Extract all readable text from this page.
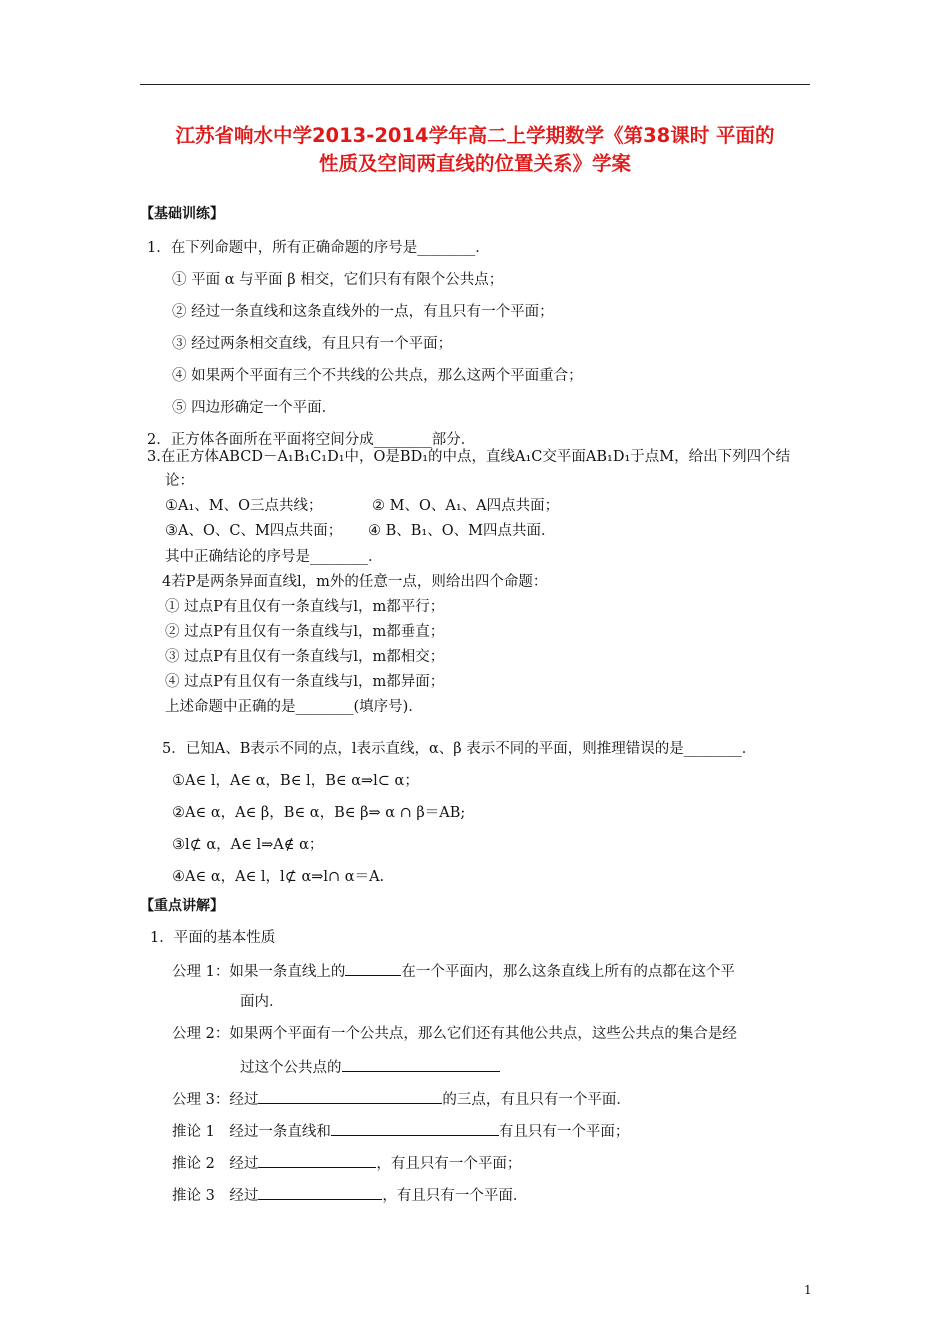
江苏省响水中学2013-2014学年高二上学期数学《第38课时 平面的
性质及空间两直线的位置关系》学案
【基础训练】
1．在下列命题中，所有正确命题的序号是________．
① 平面 α 与平面 β 相交，它们只有有限个公共点；
② 经过一条直线和这条直线外的一点，有且只有一个平面；
③ 经过两条相交直线，有且只有一个平面；
④ 如果两个平面有三个不共线的公共点，那么这两个平面重合；
⑤ 四边形确定一个平面．
2．正方体各面所在平面将空间分成________部分．
3.在正方体ABCD－A₁B₁C₁D₁中，O是BD₁的中点，直线A₁C交平面AB₁D₁于点M，给出下列四个结
论：
①A₁、M、O三点共线；	② M、O、A₁、A四点共面；
③A、O、C、M四点共面； ④ B、B₁、O、M四点共面．
其中正确结论的序号是________．
4若P是两条异面直线l，m外的任意一点，则给出四个命题：
① 过点P有且仅有一条直线与l，m都平行；
② 过点P有且仅有一条直线与l，m都垂直；
③ 过点P有且仅有一条直线与l，m都相交；
④ 过点P有且仅有一条直线与l，m都异面；
上述命题中正确的是________(填序号)．
5．已知A、B表示不同的点，l表示直线，α、β 表示不同的平面，则推理错误的是________．
①A∈ l，A∈ α，B∈ l，B∈ α⇒l⊂ α；
②A∈ α，A∈ β，B∈ α，B∈ β⇒ α ∩ β＝AB;
③l⊄ α，A∈ l⇒A∉ α；
④A∈ α，A∈ l，l⊄ α⇒l∩ α＝A.
【重点讲解】
1．平面的基本性质
公理 1：如果一条直线上的	在一个平面内，那么这条直线上所有的点都在这个平
面内．
公理 2：如果两个平面有一个公共点，那么它们还有其他公共点，这些公共点的集合是经
过这个公共点的
公理 3：经过	的三点，有且只有一个平面．
推论 1　经过一条直线和	有且只有一个平面；
推论 2　经过	，有且只有一个平面；
推论 3　经过	，有且只有一个平面．
1
